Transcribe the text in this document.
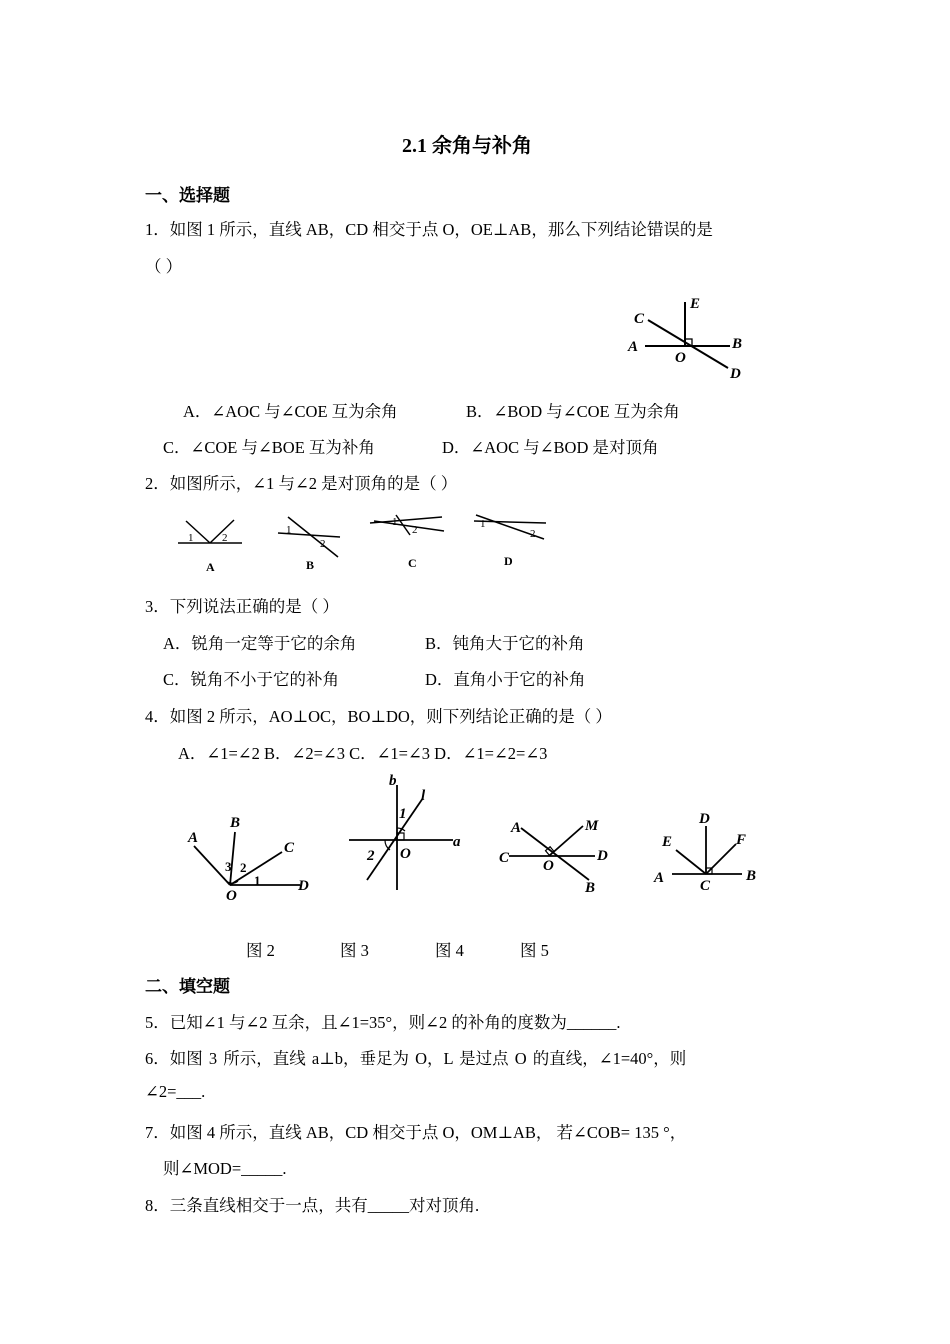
2.1 余角与补角
一、选择题
1．如图 1 所示，直线 AB，CD 相交于点 O，OE⊥AB，那么下列结论错误的是
（ ）
C
E
A	B
O
D
A．∠AOC 与∠COE 互为余角	B．∠BOD 与∠COE 互为余角
C．∠COE 与∠BOE 互为补角	D．∠AOC 与∠BOD 是对顶角
2．如图所示，∠1 与∠2 是对顶角的是（ ）
1	2
A
1
2
B
1
2
C
1
2
D
3．下列说法正确的是（ ）
A．锐角一定等于它的余角	B．钝角大于它的补角
C．锐角不小于它的补角	D．直角小于它的补角
4．如图 2 所示，AO⊥OC，BO⊥DO，则下列结论正确的是（ ）
A．∠1=∠2 B．∠2=∠3 C．∠1=∠3 D．∠1=∠2=∠3
A
B
C
D
O
3 2
1
b
l
a
O
1
2
A	M
C	D
O
B
D
E	F
A C
B
图 2	图 3	图 4	图 5
二、填空题
5．已知∠1 与∠2 互余，且∠1=35°，则∠2 的补角的度数为______.
6．如图 3 所示，直线 a⊥b，垂足为 O，L 是过点 O 的直线，∠1=40°，则
∠2=___.
7．如图 4 所示，直线 AB，CD 相交于点 O，OM⊥AB， 若∠COB= 135 °，
则∠MOD=_____.
8．三条直线相交于一点，共有_____对对顶角.
